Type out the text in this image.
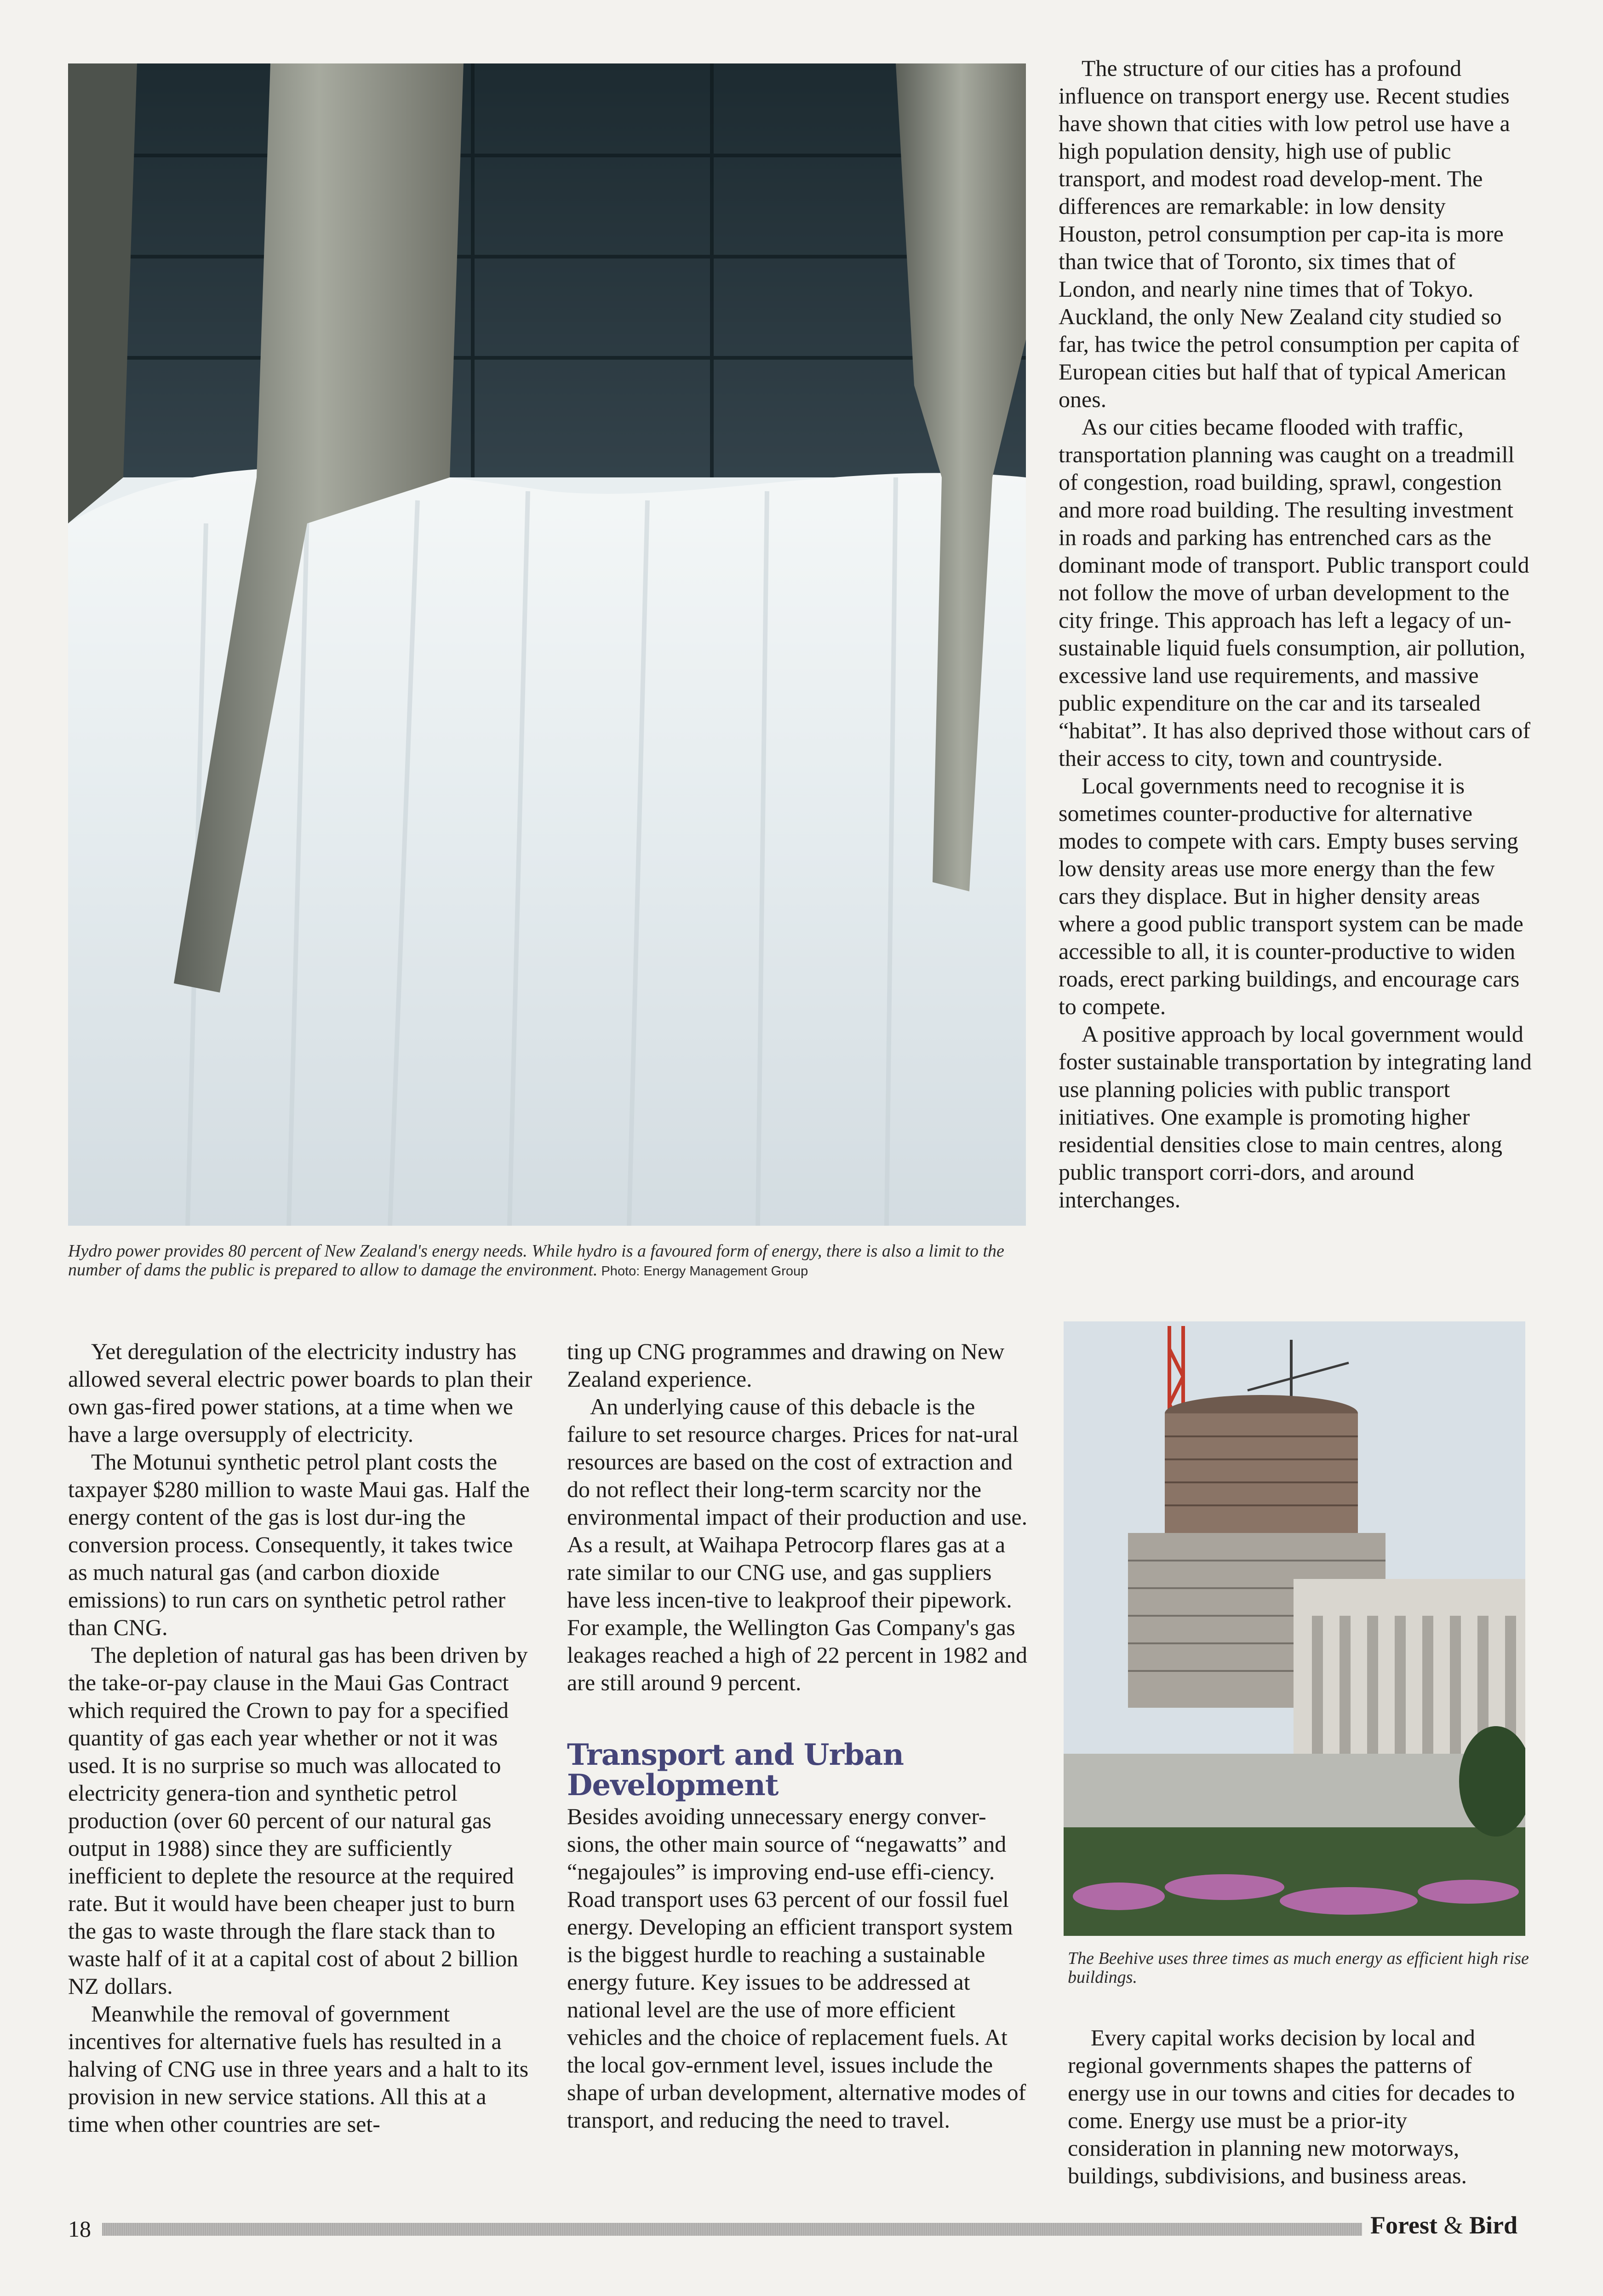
Hydro power provides 80 percent of New Zealand's energy needs. While hydro is a favoured form of energy, there is also a limit to the number of dams the public is prepared to allow to damage the environment. Photo: Energy Management Group

The structure of our cities has a profound influence on transport energy use. Recent studies have shown that cities with low petrol use have a high population density, high use of public transport, and modest road develop-ment. The differences are remarkable: in low density Houston, petrol consumption per cap-ita is more than twice that of Toronto, six times that of London, and nearly nine times that of Tokyo. Auckland, the only New Zealand city studied so far, has twice the petrol consumption per capita of European cities but half that of typical American ones.

As our cities became flooded with traffic, transportation planning was caught on a treadmill of congestion, road building, sprawl, congestion and more road building. The resulting investment in roads and parking has entrenched cars as the dominant mode of transport. Public transport could not follow the move of urban development to the city fringe. This approach has left a legacy of un-sustainable liquid fuels consumption, air pollution, excessive land use requirements, and massive public expenditure on the car and its tarsealed “habitat”. It has also deprived those without cars of their access to city, town and countryside.

Local governments need to recognise it is sometimes counter-productive for alternative modes to compete with cars. Empty buses serving low density areas use more energy than the few cars they displace. But in higher density areas where a good public transport system can be made accessible to all, it is counter-productive to widen roads, erect parking buildings, and encourage cars to compete.

A positive approach by local government would foster sustainable transportation by integrating land use planning policies with public transport initiatives. One example is promoting higher residential densities close to main centres, along public transport corri-dors, and around interchanges.

Yet deregulation of the electricity industry has allowed several electric power boards to plan their own gas-fired power stations, at a time when we have a large oversupply of electricity.

The Motunui synthetic petrol plant costs the taxpayer $280 million to waste Maui gas. Half the energy content of the gas is lost dur-ing the conversion process. Consequently, it takes twice as much natural gas (and carbon dioxide emissions) to run cars on synthetic petrol rather than CNG.

The depletion of natural gas has been driven by the take-or-pay clause in the Maui Gas Contract which required the Crown to pay for a specified quantity of gas each year whether or not it was used. It is no surprise so much was allocated to electricity genera-tion and synthetic petrol production (over 60 percent of our natural gas output in 1988) since they are sufficiently inefficient to deplete the resource at the required rate. But it would have been cheaper just to burn the gas to waste through the flare stack than to waste half of it at a capital cost of about 2 billion NZ dollars.

Meanwhile the removal of government incentives for alternative fuels has resulted in a halving of CNG use in three years and a halt to its provision in new service stations. All this at a time when other countries are set-

ting up CNG programmes and drawing on New Zealand experience.

An underlying cause of this debacle is the failure to set resource charges. Prices for nat-ural resources are based on the cost of extraction and do not reflect their long-term scarcity nor the environmental impact of their production and use. As a result, at Waihapa Petrocorp flares gas at a rate similar to our CNG use, and gas suppliers have less incen-tive to leakproof their pipework. For example, the Wellington Gas Company's gas leakages reached a high of 22 percent in 1982 and are still around 9 percent.

Transport and Urban Development

Besides avoiding unnecessary energy conver-sions, the other main source of “negawatts” and “negajoules” is improving end-use effi-ciency. Road transport uses 63 percent of our fossil fuel energy. Developing an efficient transport system is the biggest hurdle to reaching a sustainable energy future. Key issues to be addressed at national level are the use of more efficient vehicles and the choice of replacement fuels. At the local gov-ernment level, issues include the shape of urban development, alternative modes of transport, and reducing the need to travel.

The Beehive uses three times as much energy as efficient high rise buildings.

Every capital works decision by local and regional governments shapes the patterns of energy use in our towns and cities for decades to come. Energy use must be a prior-ity consideration in planning new motorways, buildings, subdivisions, and business areas.

18	Forest & Bird
